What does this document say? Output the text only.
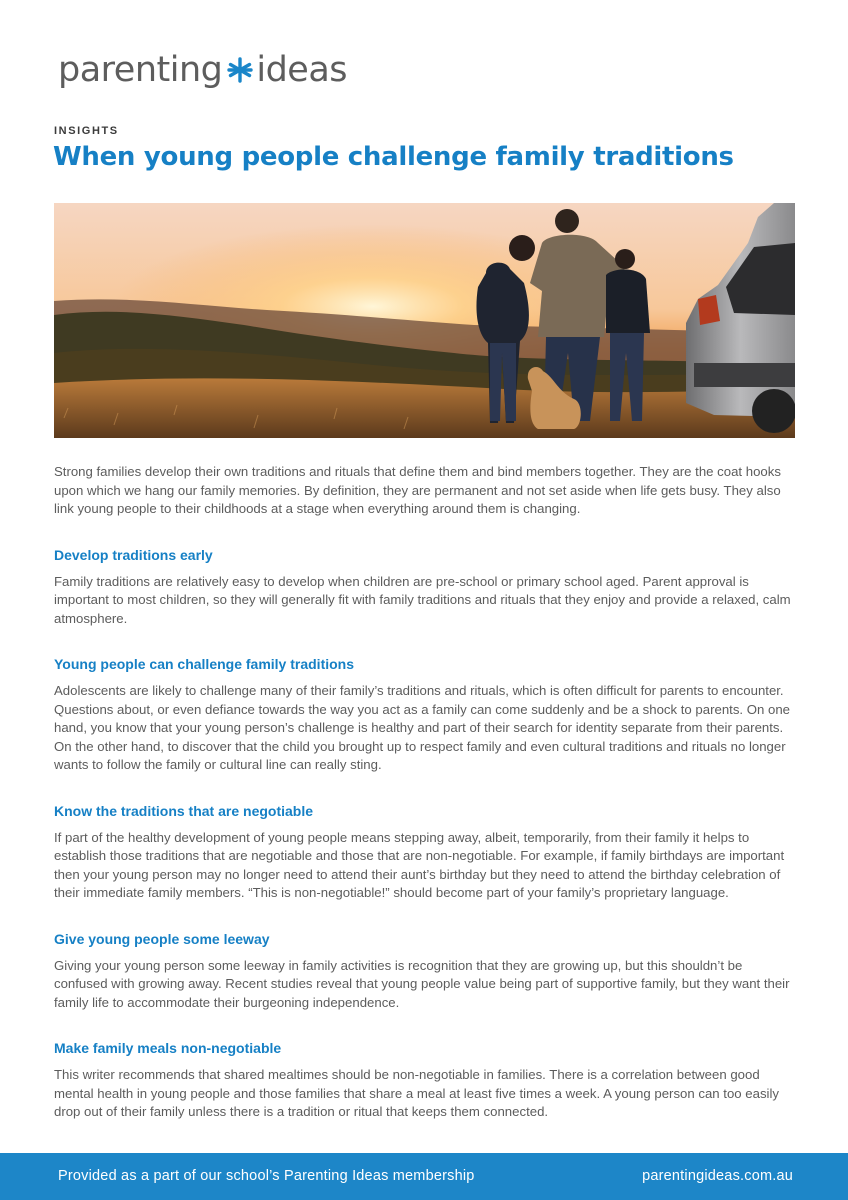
parenting ideas
INSIGHTS
When young people challenge family traditions

Strong families develop their own traditions and rituals that define them and bind members together. They are the coat hooks upon which we hang our family memories. By definition, they are permanent and not set aside when life gets busy. They also link young people to their childhoods at a stage when everything around them is changing.

Develop traditions early

Family traditions are relatively easy to develop when children are pre-school or primary school aged. Parent approval is important to most children, so they will generally fit with family traditions and rituals that they enjoy and provide a relaxed, calm atmosphere.

Young people can challenge family traditions

Adolescents are likely to challenge many of their family’s traditions and rituals, which is often difficult for parents to encounter. Questions about, or even defiance towards the way you act as a family can come suddenly and be a shock to parents. On one hand, you know that your young person’s challenge is healthy and part of their search for identity separate from their parents. On the other hand, to discover that the child you brought up to respect family and even cultural traditions and rituals no longer wants to follow the family or cultural line can really sting.

Know the traditions that are negotiable

If part of the healthy development of young people means stepping away, albeit, temporarily, from their family it helps to establish those traditions that are negotiable and those that are non-negotiable. For example, if family birthdays are important then your young person may no longer need to attend their aunt’s birthday but they need to attend the birthday celebration of their immediate family members. “This is non-negotiable!” should become part of your family’s proprietary language.

Give young people some leeway

Giving your young person some leeway in family activities is recognition that they are growing up, but this shouldn’t be confused with growing away. Recent studies reveal that young people value being part of supportive family, but they want their family life to accommodate their burgeoning independence.

Make family meals non-negotiable

This writer recommends that shared mealtimes should be non-negotiable in families. There is a correlation between good mental health in young people and those families that share a meal at least five times a week. A young person can too easily drop out of their family unless there is a tradition or ritual that keeps them connected.

Provided as a part of our school’s Parenting Ideas membership	parentingideas.com.au
